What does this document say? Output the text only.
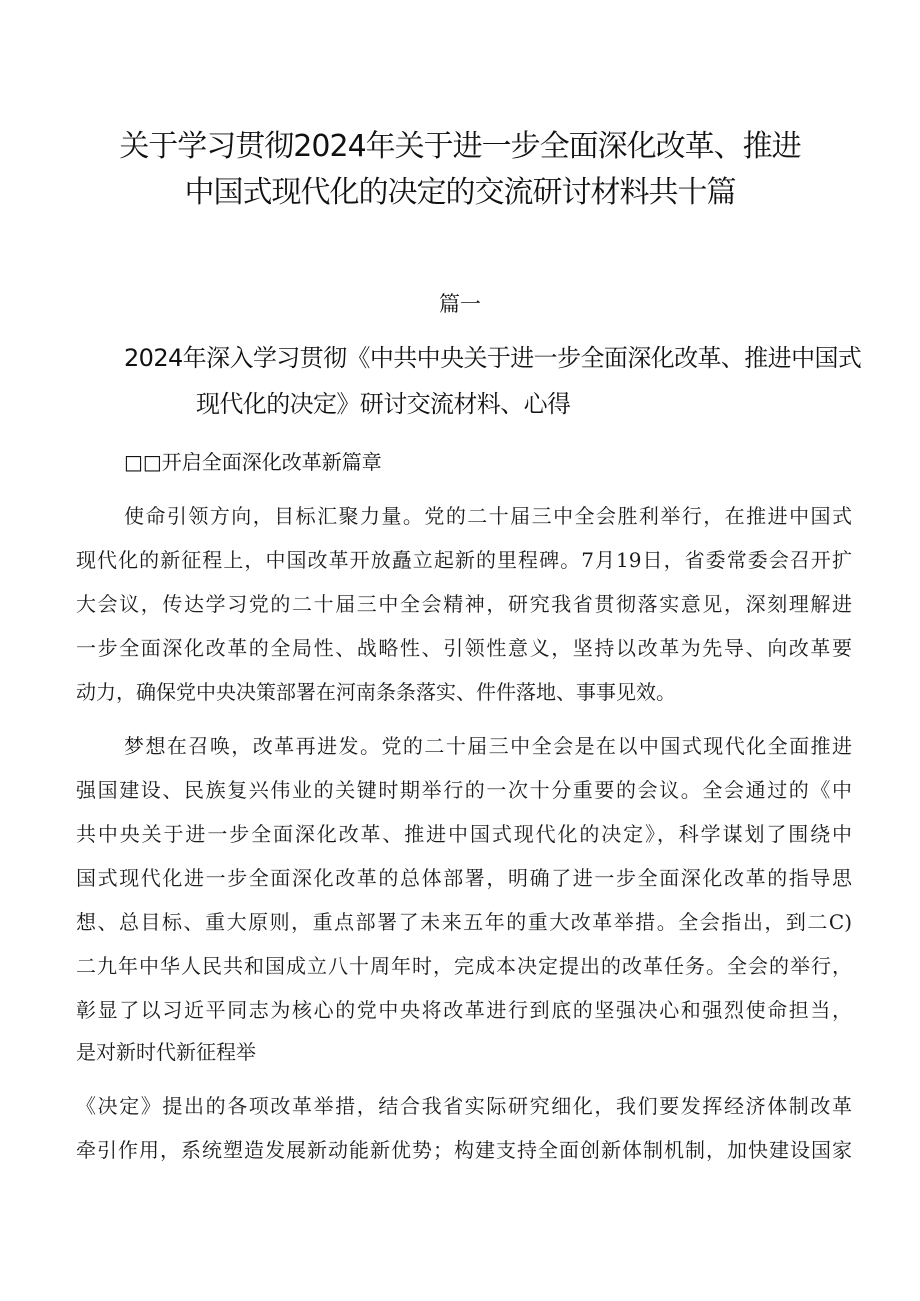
关于学习贯彻2024年关于进一步全面深化改革、推进
中国式现代化的决定的交流研讨材料共十篇
篇一
2024年深入学习贯彻《中共中央关于进一步全面深化改革、推进中国式
现代化的决定》研讨交流材料、心得
□□开启全面深化改革新篇章
使命引领方向，目标汇聚力量。党的二十届三中全会胜利举行，在推进中国式
现代化的新征程上，中国改革开放矗立起新的里程碑。7月19日，省委常委会召开扩
大会议，传达学习党的二十届三中全会精神，研究我省贯彻落实意见，深刻理解进
一步全面深化改革的全局性、战略性、引领性意义，坚持以改革为先导、向改革要
动力，确保党中央决策部署在河南条条落实、件件落地、事事见效。
梦想在召唤，改革再进发。党的二十届三中全会是在以中国式现代化全面推进
强国建设、民族复兴伟业的关键时期举行的一次十分重要的会议。全会通过的《中
共中央关于进一步全面深化改革、推进中国式现代化的决定》，科学谋划了围绕中
国式现代化进一步全面深化改革的总体部署，明确了进一步全面深化改革的指导思
想、总目标、重大原则，重点部署了未来五年的重大改革举措。全会指出，到二C)
二九年中华人民共和国成立八十周年时，完成本决定提出的改革任务。全会的举行，
彰显了以习近平同志为核心的党中央将改革进行到底的坚强决心和强烈使命担当，
是对新时代新征程举
《决定》提出的各项改革举措，结合我省实际研究细化，我们要发挥经济体制改革
牵引作用，系统塑造发展新动能新优势；构建支持全面创新体制机制，加快建设国家
